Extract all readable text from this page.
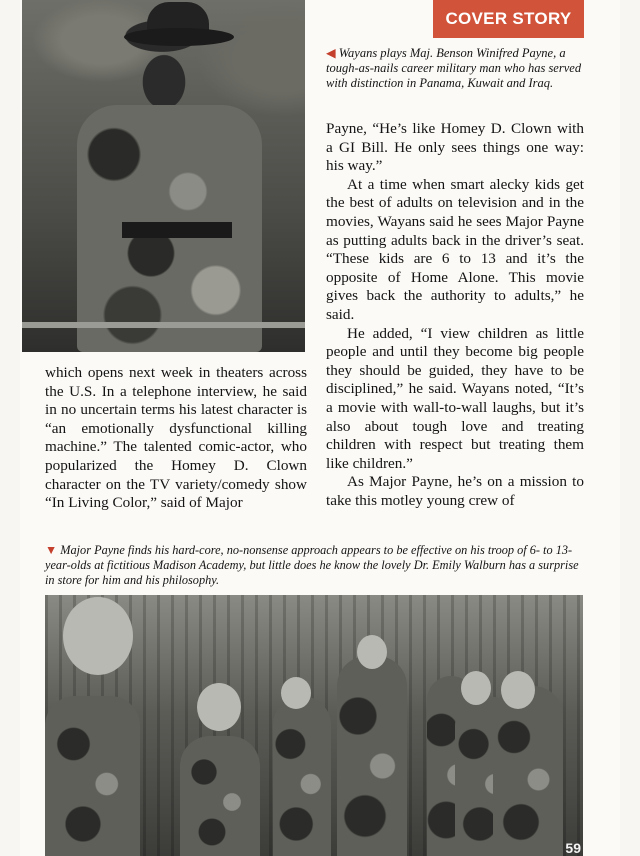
COVER STORY
◀ Wayans plays Maj. Benson Winifred Payne, a tough-as-nails career military man who has served with distinction in Panama, Kuwait and Iraq.

Payne, “He’s like Homey D. Clown with a GI Bill. He only sees things one way: his way.”

At a time when smart alecky kids get the best of adults on television and in the movies, Wayans said he sees Major Payne as putting adults back in the driver’s seat. “These kids are 6 to 13 and it’s the opposite of Home Alone. This movie gives back the authority to adults,” he said.

He added, “I view children as little people and until they become big people they should be guided, they have to be disciplined,” he said. Wayans noted, “It’s a movie with wall-to-wall laughs, but it’s also about tough love and treating children with respect but treating them like children.”

As Major Payne, he’s on a mission to take this motley young crew of

which opens next week in theaters across the U.S. In a telephone interview, he said in no uncertain terms his latest character is “an emotionally dysfunctional killing machine.” The talented comic-actor, who popularized the Homey D. Clown character on the TV variety/comedy show “In Living Color,” said of Major

▼ Major Payne finds his hard-core, no-nonsense approach appears to be effective on his troop of 6- to 13-year-olds at fictitious Madison Academy, but little does he know the lovely Dr. Emily Walburn has a surprise in store for him and his philosophy.
59
